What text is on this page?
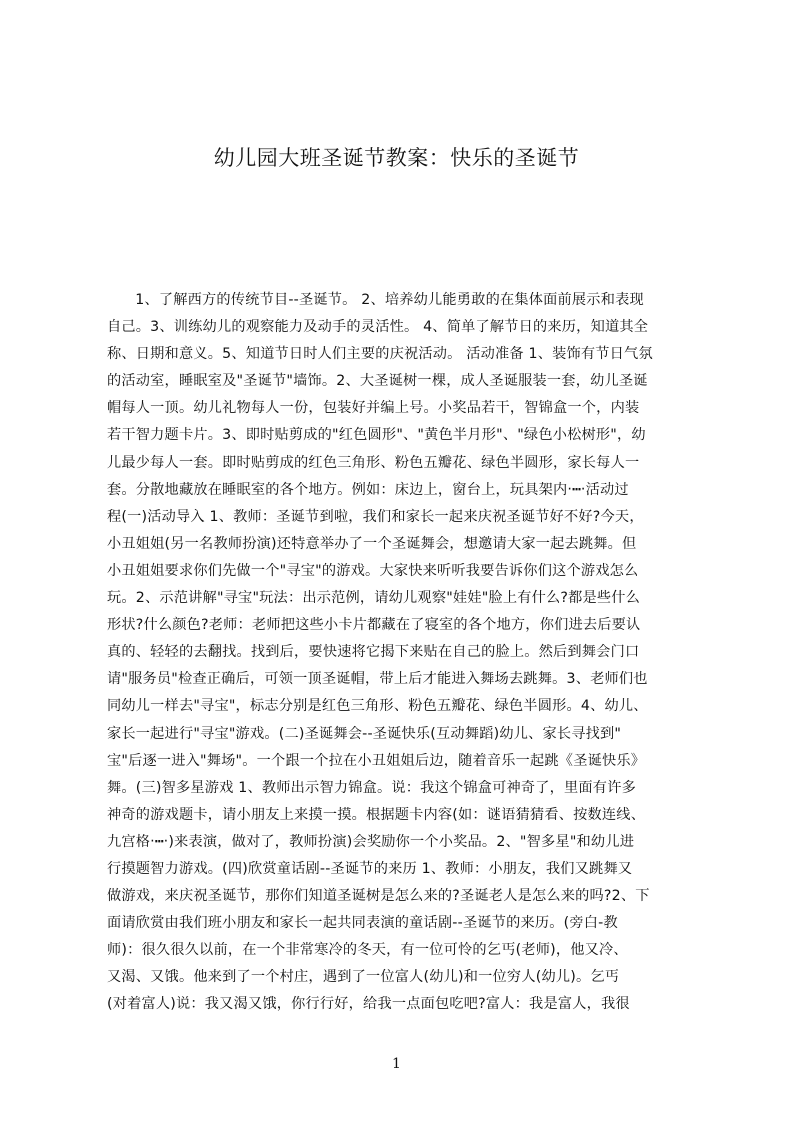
幼儿园大班圣诞节教案：快乐的圣诞节
1、了解西方的传统节目--圣诞节。 2、培养幼儿能勇敢的在集体面前展示和表现
自己。3、训练幼儿的观察能力及动手的灵活性。 4、简单了解节日的来历，知道其全
称、日期和意义。5、知道节日时人们主要的庆祝活动。 活动准备 1、装饰有节日气氛
的活动室，睡眠室及"圣诞节"墙饰。2、大圣诞树一棵，成人圣诞服装一套，幼儿圣诞
帽每人一顶。幼儿礼物每人一份，包装好并编上号。小奖品若干，智锦盒一个，内装
若干智力题卡片。3、即时贴剪成的"红色圆形"、"黄色半月形"、"绿色小松树形"，幼
儿最少每人一套。即时贴剪成的红色三角形、粉色五瓣花、绿色半圆形，家长每人一
套。分散地藏放在睡眠室的各个地方。例如：床边上，窗台上，玩具架内‧┅‧活动过
程(一)活动导入 1、教师：圣诞节到啦，我们和家长一起来庆祝圣诞节好不好?今天，
小丑姐姐(另一名教师扮演)还特意举办了一个圣诞舞会，想邀请大家一起去跳舞。但
小丑姐姐要求你们先做一个"寻宝"的游戏。大家快来听听我要告诉你们这个游戏怎么
玩。2、示范讲解"寻宝"玩法：出示范例，请幼儿观察"娃娃"脸上有什么?都是些什么
形状?什么颜色?老师：老师把这些小卡片都藏在了寝室的各个地方，你们进去后要认
真的、轻轻的去翻找。找到后，要快速将它揭下来贴在自己的脸上。然后到舞会门口
请"服务员"检查正确后，可领一顶圣诞帽，带上后才能进入舞场去跳舞。3、老师们也
同幼儿一样去"寻宝"，标志分别是红色三角形、粉色五瓣花、绿色半圆形。4、幼儿、
家长一起进行"寻宝"游戏。(二)圣诞舞会--圣诞快乐(互动舞蹈)幼儿、家长寻找到"
宝"后逐一进入"舞场"。一个跟一个拉在小丑姐姐后边，随着音乐一起跳《圣诞快乐》
舞。(三)智多星游戏 1、教师出示智力锦盒。说：我这个锦盒可神奇了，里面有许多
神奇的游戏题卡，请小朋友上来摸一摸。根据题卡内容(如：谜语猜猜看、按数连线、
九宫格‧┅‧)来表演，做对了，教师扮演)会奖励你一个小奖品。2、"智多星"和幼儿进
行摸题智力游戏。(四)欣赏童话剧--圣诞节的来历 1、教师：小朋友，我们又跳舞又
做游戏，来庆祝圣诞节，那你们知道圣诞树是怎么来的?圣诞老人是怎么来的吗?2、下
面请欣赏由我们班小朋友和家长一起共同表演的童话剧--圣诞节的来历。(旁白-教
师)：很久很久以前，在一个非常寒冷的冬天，有一位可怜的乞丐(老师)，他又冷、
又渴、又饿。他来到了一个村庄，遇到了一位富人(幼儿)和一位穷人(幼儿)。乞丐
(对着富人)说：我又渴又饿，你行行好，给我一点面包吃吧?富人：我是富人，我很
1
